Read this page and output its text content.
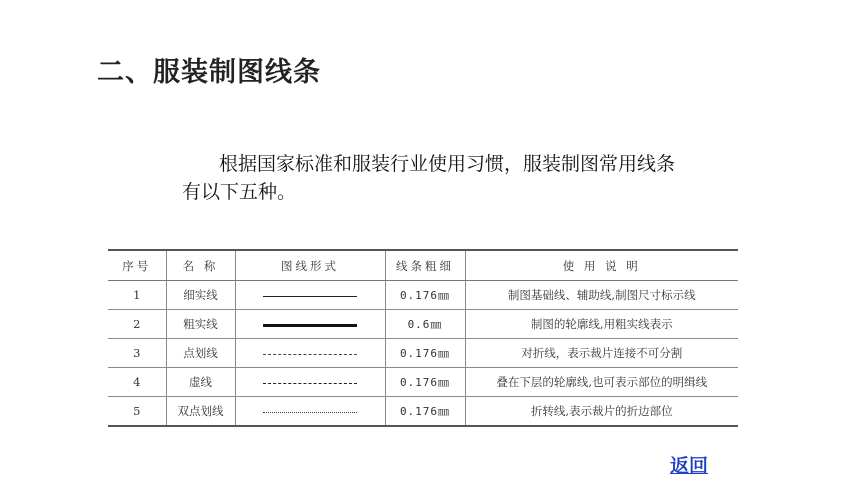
二、服装制图线条
根据国家标准和服装行业使用习惯，服装制图常用线条
有以下五种。
序号	名 称	图线形式	线条粗细	使 用 说 明
1	细实线		0.176㎜	制图基础线、辅助线,制图尺寸标示线
2	粗实线		0.6㎜	制图的轮廓线,用粗实线表示
3	点划线		0.176㎜	对折线，表示裁片连接不可分割
4	虚线		0.176㎜	叠在下层的轮廓线,也可表示部位的明缉线
5	双点划线		0.176㎜	折转线,表示裁片的折边部位
返回
